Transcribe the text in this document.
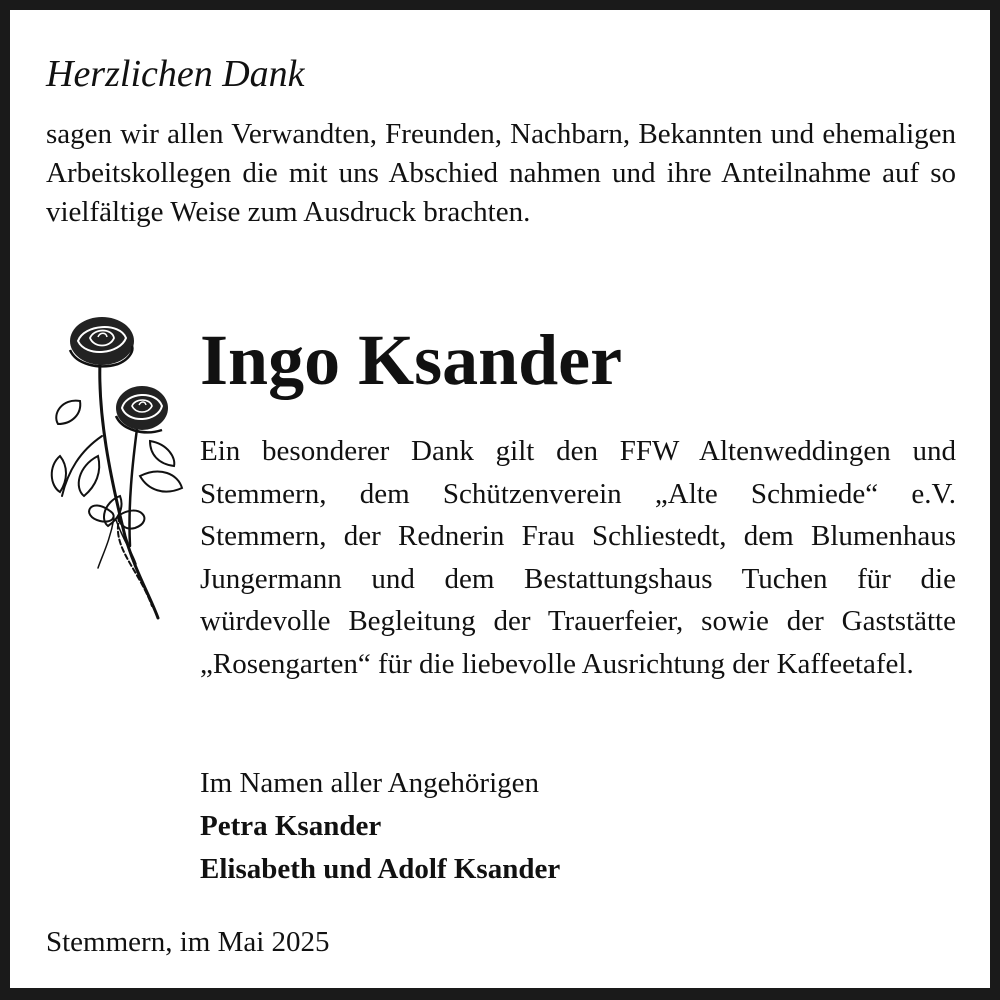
Herzlichen Dank
sagen wir allen Verwandten, Freunden, Nachbarn, Bekannten und ehemaligen Arbeitskollegen die mit uns Abschied nahmen und ihre Anteilnahme auf so vielfältige Weise zum Ausdruck brachten.
Ingo Ksander
Ein besonderer Dank gilt den FFW Altenweddingen und Stemmern, dem Schützenverein „Alte Schmiede“ e.V. Stemmern, der Rednerin Frau Schliestedt, dem Blumenhaus Jungermann und dem Bestattungshaus Tuchen für die würdevolle Begleitung der Trauerfeier, sowie der Gaststätte „Rosengarten“ für die liebevolle Ausrichtung der Kaffeetafel.
Im Namen aller Angehörigen
Petra Ksander
Elisabeth und Adolf Ksander
Stemmern, im Mai 2025
